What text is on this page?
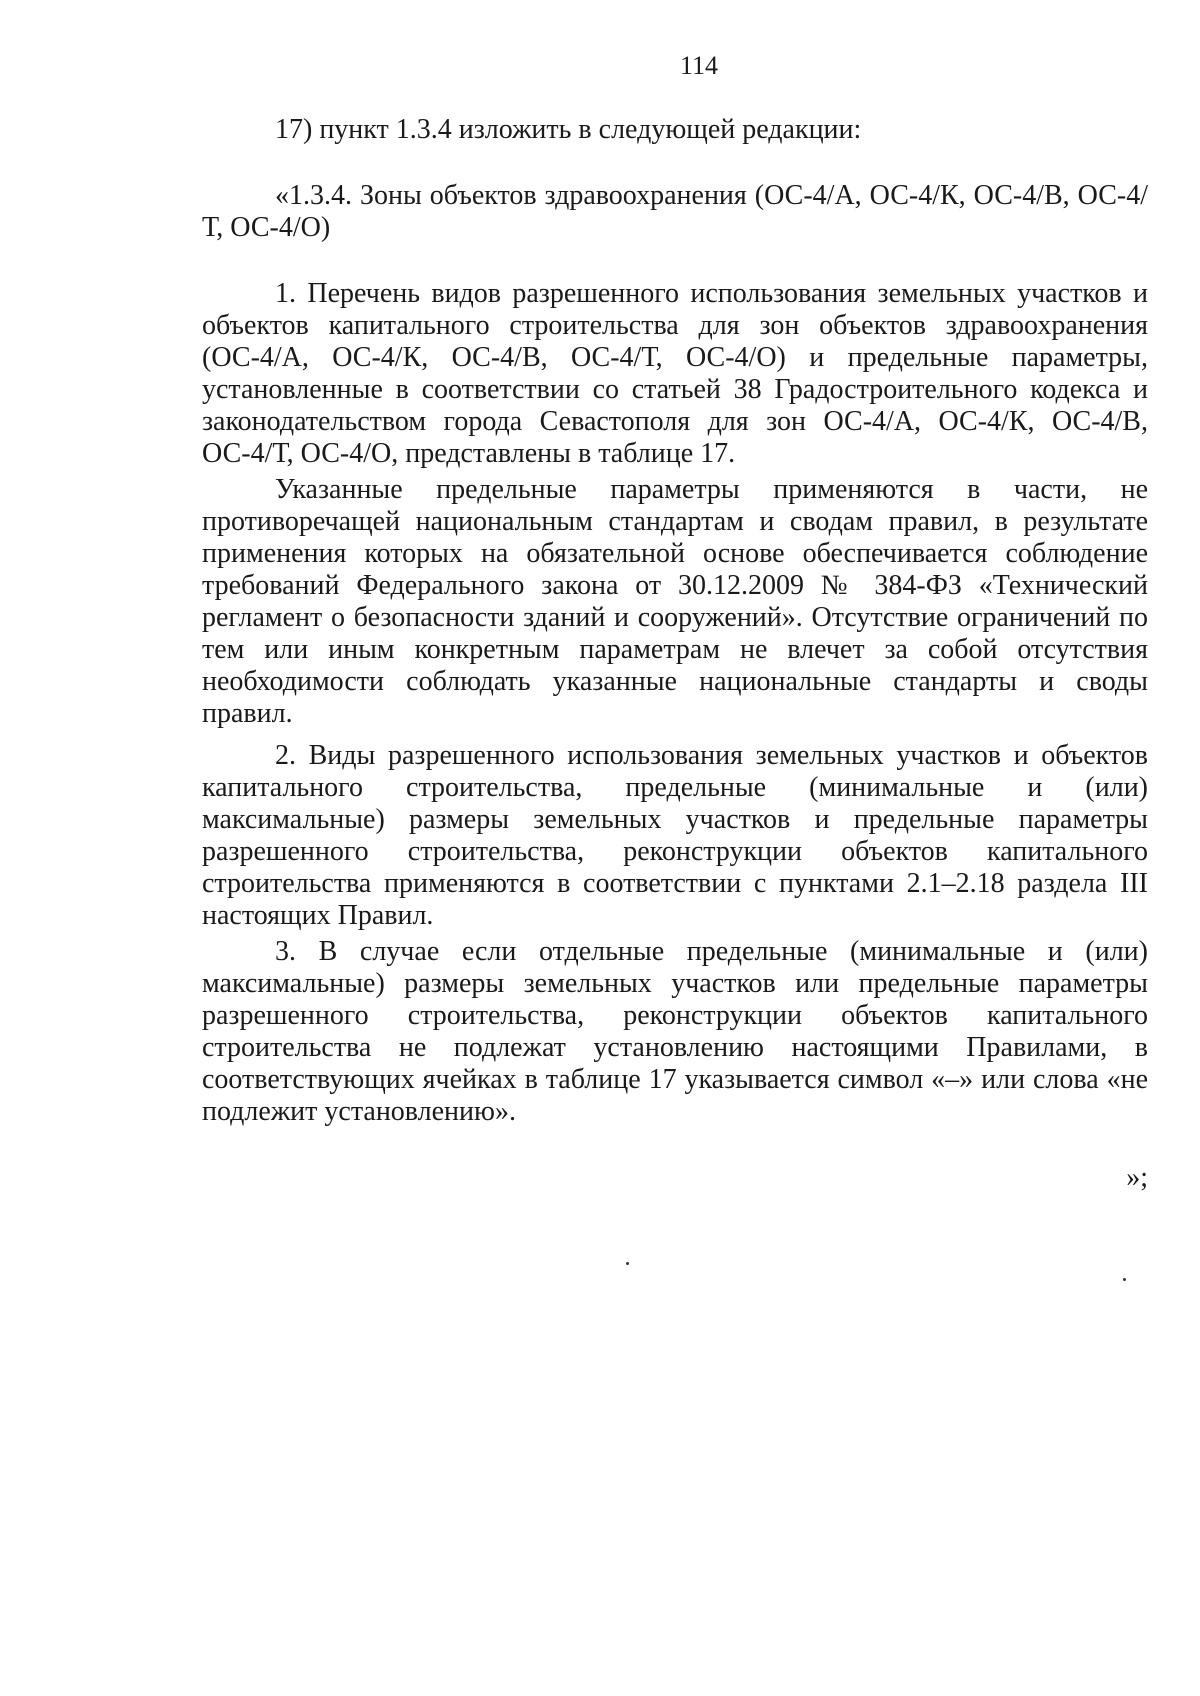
114
17) пункт 1.3.4 изложить в следующей редакции:
«1.3.4. Зоны объектов здравоохранения (ОС-4/А, ОС-4/К, ОС-4/В, ОС-4/Т, ОС-4/О)
1. Перечень видов разрешенного использования земельных участков и объектов капитального строительства для зон объектов здравоохранения (ОС-4/А, ОС-4/К, ОС-4/В, ОС-4/Т, ОС-4/О) и предельные параметры, установленные в соответствии со статьей 38 Градостроительного кодекса и законодательством города Севастополя для зон ОС-4/А, ОС-4/К, ОС-4/В, ОС-4/Т, ОС-4/О, представлены в таблице 17.
Указанные предельные параметры применяются в части, не противоречащей национальным стандартам и сводам правил, в результате применения которых на обязательной основе обеспечивается соблюдение требований Федерального закона от 30.12.2009 № 384-ФЗ «Технический регламент о безопасности зданий и сооружений». Отсутствие ограничений по тем или иным конкретным параметрам не влечет за собой отсутствия необходимости соблюдать указанные национальные стандарты и своды правил.
2. Виды разрешенного использования земельных участков и объектов капитального строительства, предельные (минимальные и (или) максимальные) размеры земельных участков и предельные параметры разрешенного строительства, реконструкции объектов капитального строительства применяются в соответствии с пунктами 2.1–2.18 раздела III настоящих Правил.
3. В случае если отдельные предельные (минимальные и (или) максимальные) размеры земельных участков или предельные параметры разрешенного строительства, реконструкции объектов капитального строительства не подлежат установлению настоящими Правилами, в соответствующих ячейках в таблице 17 указывается символ «–» или слова «не подлежит установлению».
»;
